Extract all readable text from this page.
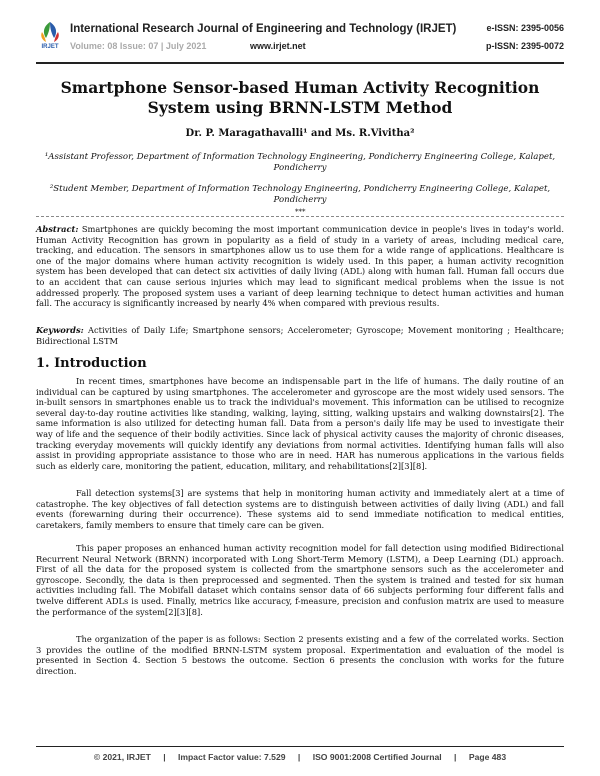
IRJET
International Research Journal of Engineering and Technology (IRJET)
Volume: 08 Issue: 07 | July 2021	www.irjet.net
e-ISSN: 2395-0056
p-ISSN: 2395-0072
Smartphone Sensor-based Human Activity Recognition System using BRNN-LSTM Method
Dr. P. Maragathavalli¹ and Ms. R.Vivitha²
¹Assistant Professor, Department of Information Technology Engineering, Pondicherry Engineering College, Kalapet, Pondicherry
²Student Member, Department of Information Technology Engineering, Pondicherry Engineering College, Kalapet, Pondicherry
***
Abstract: Smartphones are quickly becoming the most important communication device in people's lives in today's world. Human Activity Recognition has grown in popularity as a field of study in a variety of areas, including medical care, tracking, and education. The sensors in smartphones allow us to use them for a wide range of applications. Healthcare is one of the major domains where human activity recognition is widely used. In this paper, a human activity recognition system has been developed that can detect six activities of daily living (ADL) along with human fall. Human fall occurs due to an accident that can cause serious injuries which may lead to significant medical problems when the issue is not addressed properly. The proposed system uses a variant of deep learning technique to detect human activities and human fall. The accuracy is significantly increased by nearly 4% when compared with previous results.
Keywords: Activities of Daily Life; Smartphone sensors; Accelerometer; Gyroscope; Movement monitoring ; Healthcare; Bidirectional LSTM
1. Introduction
In recent times, smartphones have become an indispensable part in the life of humans. The daily routine of an individual can be captured by using smartphones. The accelerometer and gyroscope are the most widely used sensors. The in-built sensors in smartphones enable us to track the individual's movement. This information can be utilised to recognize several day-to-day routine activities like standing, walking, laying, sitting, walking upstairs and walking downstairs[2]. The same information is also utilized for detecting human fall. Data from a person's daily life may be used to investigate their way of life and the sequence of their bodily activities. Since lack of physical activity causes the majority of chronic diseases, tracking everyday movements will quickly identify any deviations from normal activities. Identifying human falls will also assist in providing appropriate assistance to those who are in need. HAR has numerous applications in the various fields such as elderly care, monitoring the patient, education, military, and rehabilitations[2][3][8].
Fall detection systems[3] are systems that help in monitoring human activity and immediately alert at a time of catastrophe. The key objectives of fall detection systems are to distinguish between activities of daily living (ADL) and fall events (forewarning during their occurrence). These systems aid to send immediate notification to medical entities, caretakers, family members to ensure that timely care can be given.
This paper proposes an enhanced human activity recognition model for fall detection using modified Bidirectional Recurrent Neural Network (BRNN) incorporated with Long Short-Term Memory (LSTM), a Deep Learning (DL) approach. First of all the data for the proposed system is collected from the smartphone sensors such as the accelerometer and gyroscope. Secondly, the data is then preprocessed and segmented. Then the system is trained and tested for six human activities including fall. The Mobifall dataset which contains sensor data of 66 subjects performing four different falls and twelve different ADLs is used. Finally, metrics like accuracy, f-measure, precision and confusion matrix are used to measure the performance of the system[2][3][8].
The organization of the paper is as follows: Section 2 presents existing and a few of the correlated works. Section 3 provides the outline of the modified BRNN-LSTM system proposal. Experimentation and evaluation of the model is presented in Section 4. Section 5 bestows the outcome. Section 6 presents the conclusion with works for the future direction.
© 2021, IRJET | Impact Factor value: 7.529 | ISO 9001:2008 Certified Journal | Page 483
